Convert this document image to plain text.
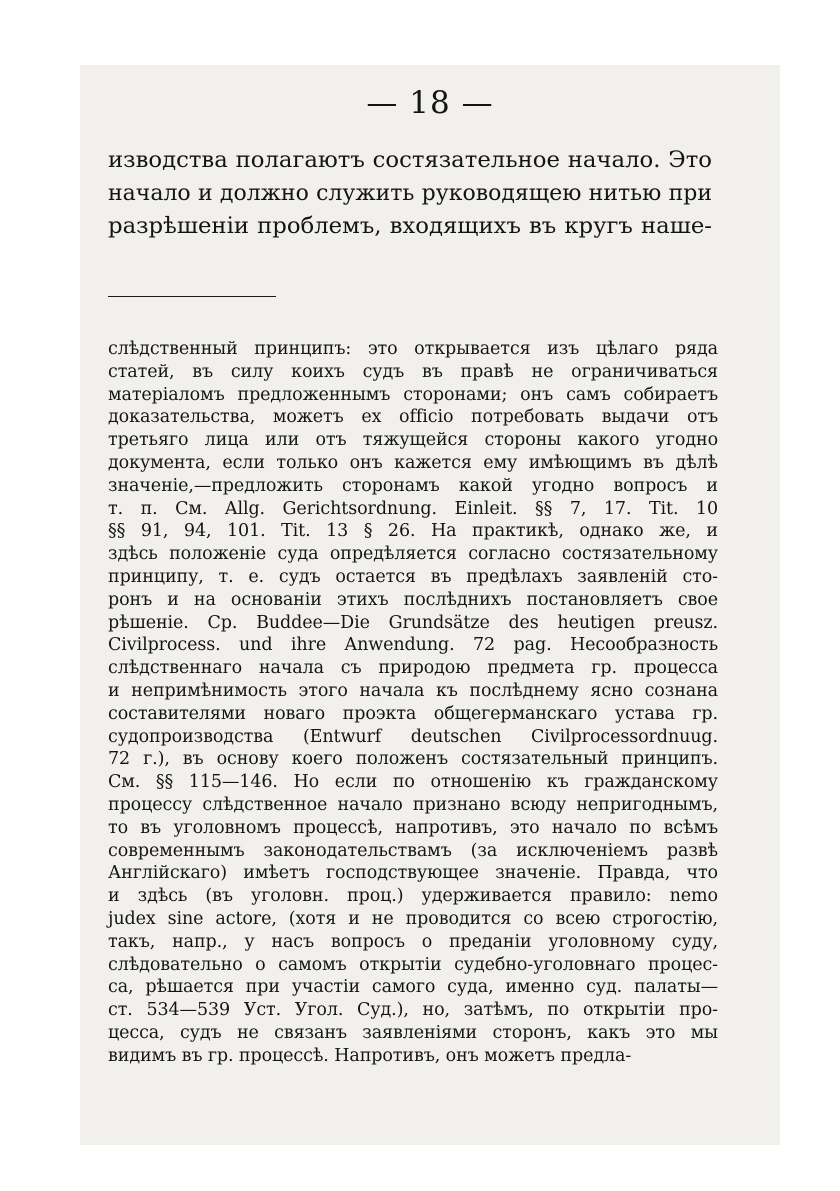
— 18 —
изводства полагаютъ состязательное начало. Это
начало и должно служить руководящею нитью при
разрѣшеніи проблемъ, входящихъ въ кругъ наше-
слѣдственный принципъ: это открывается изъ цѣлаго ряда
статей, въ силу коихъ судъ въ правѣ не ограничиваться
матеріаломъ предложеннымъ сторонами; онъ самъ собираетъ
доказательства, можетъ ex officio потребовать выдачи отъ
третьяго лица или отъ тяжущейся стороны какого угодно
документа, если только онъ кажется ему имѣющимъ въ дѣлѣ
значеніе,—предложить сторонамъ какой угодно вопросъ и
т. п. См. Allg. Gerichtsordnung. Einleit. §§ 7, 17. Tit. 10
§§ 91, 94, 101. Tit. 13 § 26. На практикѣ, однако же, и
здѣсь положеніе суда опредѣляется согласно состязательному
принципу, т. е. судъ остается въ предѣлахъ заявленій сто-
ронъ и на основаніи этихъ послѣднихъ постановляетъ свое
рѣшеніе. Cp. Buddee—Die Grundsätze des heutigen preusz.
Civilprocess. und ihre Anwendung. 72 pag. Несообразность
слѣдственнаго начала съ природою предмета гр. процесса
и непримѣнимость этого начала къ послѣднему ясно сознана
составителями новаго проэкта общегерманскаго устава гр.
судопроизводства (Entwurf deutschen Civilprocessordnuug.
72 г.), въ основу коего положенъ состязательный принципъ.
См. §§ 115—146. Но если по отношенію къ гражданскому
процессу слѣдственное начало признано всюду непригоднымъ,
то въ уголовномъ процессѣ, напротивъ, это начало по всѣмъ
современнымъ законодательствамъ (за исключеніемъ развѣ
Англійскаго) имѣетъ господствующее значеніе. Правда, что
и здѣсь (въ уголовн. проц.) удерживается правило: nemo
judex sine actore, (хотя и не проводится со всею строгостію,
такъ, напр., у насъ вопросъ о преданіи уголовному суду,
слѣдовательно о самомъ открытіи судебно-уголовнаго процес-
са, рѣшается при участіи самого суда, именно суд. палаты—
ст. 534—539 Уст. Угол. Суд.), но, затѣмъ, по открытіи про-
цесса, судъ не связанъ заявленіями сторонъ, какъ это мы
видимъ въ гр. процессѣ. Напротивъ, онъ можетъ предла-
